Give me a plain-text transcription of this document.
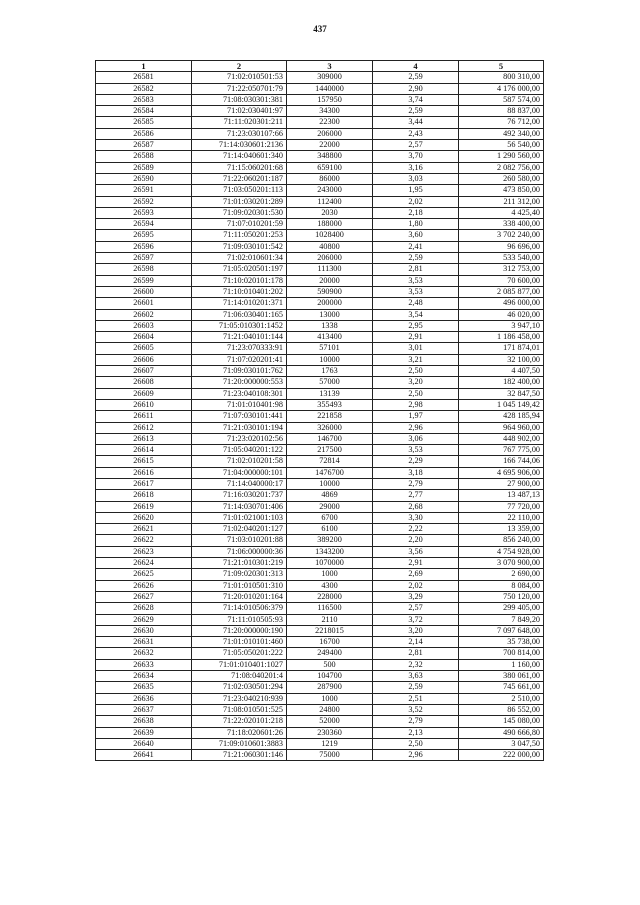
437
1	2	3	4	5
26581	71:02:010501:53	309000	2,59	800 310,00
26582	71:22:050701:79	1440000	2,90	4 176 000,00
26583	71:08:030301:381	157950	3,74	587 574,00
26584	71:02:030401:97	34300	2,59	88 837,00
26585	71:11:020301:211	22300	3,44	76 712,00
26586	71:23:030107:66	206000	2,43	492 340,00
26587	71:14:030601:2136	22000	2,57	56 540,00
26588	71:14:040601:340	348800	3,70	1 290 560,00
26589	71:15:060201:68	659100	3,16	2 082 756,00
26590	71:22:060201:187	86000	3,03	260 580,00
26591	71:03:050201:113	243000	1,95	473 850,00
26592	71:01:030201:289	112400	2,02	211 312,00
26593	71:09:020301:530	2030	2,18	4 425,40
26594	71:07:010201:59	188000	1,80	338 400,00
26595	71:11:050201:253	1028400	3,60	3 702 240,00
26596	71:09:030101:542	40800	2,41	96 696,00
26597	71:02:010601:34	206000	2,59	533 540,00
26598	71:05:020501:197	111300	2,81	312 753,00
26599	71:10:020101:178	20000	3,53	70 600,00
26600	71:10:010401:202	590900	3,53	2 085 877,00
26601	71:14:010201:371	200000	2,48	496 000,00
26602	71:06:030401:165	13000	3,54	46 020,00
26603	71:05:010301:1452	1338	2,95	3 947,10
26604	71:21:040101:144	413400	2,91	1 186 458,00
26605	71:23:070333:91	57101	3,01	171 874,01
26606	71:07:020201:41	10000	3,21	32 100,00
26607	71:09:030101:762	1763	2,50	4 407,50
26608	71:20:000000:553	57000	3,20	182 400,00
26609	71:23:040108:301	13139	2,50	32 847,50
26610	71:01:010401:98	355493	2,98	1 045 149,42
26611	71:07:030101:441	221858	1,97	428 185,94
26612	71:21:030101:194	326000	2,96	964 960,00
26613	71:23:020102:56	146700	3,06	448 902,00
26614	71:05:040201:122	217500	3,53	767 775,00
26615	71:02:010201:58	72814	2,29	166 744,06
26616	71:04:000000:101	1476700	3,18	4 695 906,00
26617	71:14:040000:17	10000	2,79	27 900,00
26618	71:16:030201:737	4869	2,77	13 487,13
26619	71:14:030701:406	29000	2,68	77 720,00
26620	71:01:021001:103	6700	3,30	22 110,00
26621	71:02:040201:127	6100	2,22	13 359,00
26622	71:03:010201:88	389200	2,20	856 240,00
26623	71:06:000000:36	1343200	3,56	4 754 928,00
26624	71:21:010301:219	1070000	2,91	3 070 900,00
26625	71:09:020301:313	1000	2,69	2 690,00
26626	71:01:010501:310	4300	2,02	8 084,00
26627	71:20:010201:164	228000	3,29	750 120,00
26628	71:14:010506:379	116500	2,57	299 405,00
26629	71:11:010505:93	2110	3,72	7 849,20
26630	71:20:000000:190	2218015	3,20	7 097 648,00
26631	71:01:010101:460	16700	2,14	35 738,00
26632	71:05:050201:222	249400	2,81	700 814,00
26633	71:01:010401:1027	500	2,32	1 160,00
26634	71:08:040201:4	104700	3,63	380 061,00
26635	71:02:030501:294	287900	2,59	745 661,00
26636	71:23:040210:939	1000	2,51	2 510,00
26637	71:08:010501:525	24800	3,52	86 552,00
26638	71:22:020101:218	52000	2,79	145 080,00
26639	71:18:020601:26	230360	2,13	490 666,80
26640	71:09:010601:3883	1219	2,50	3 047,50
26641	71:21:060301:146	75000	2,96	222 000,00
